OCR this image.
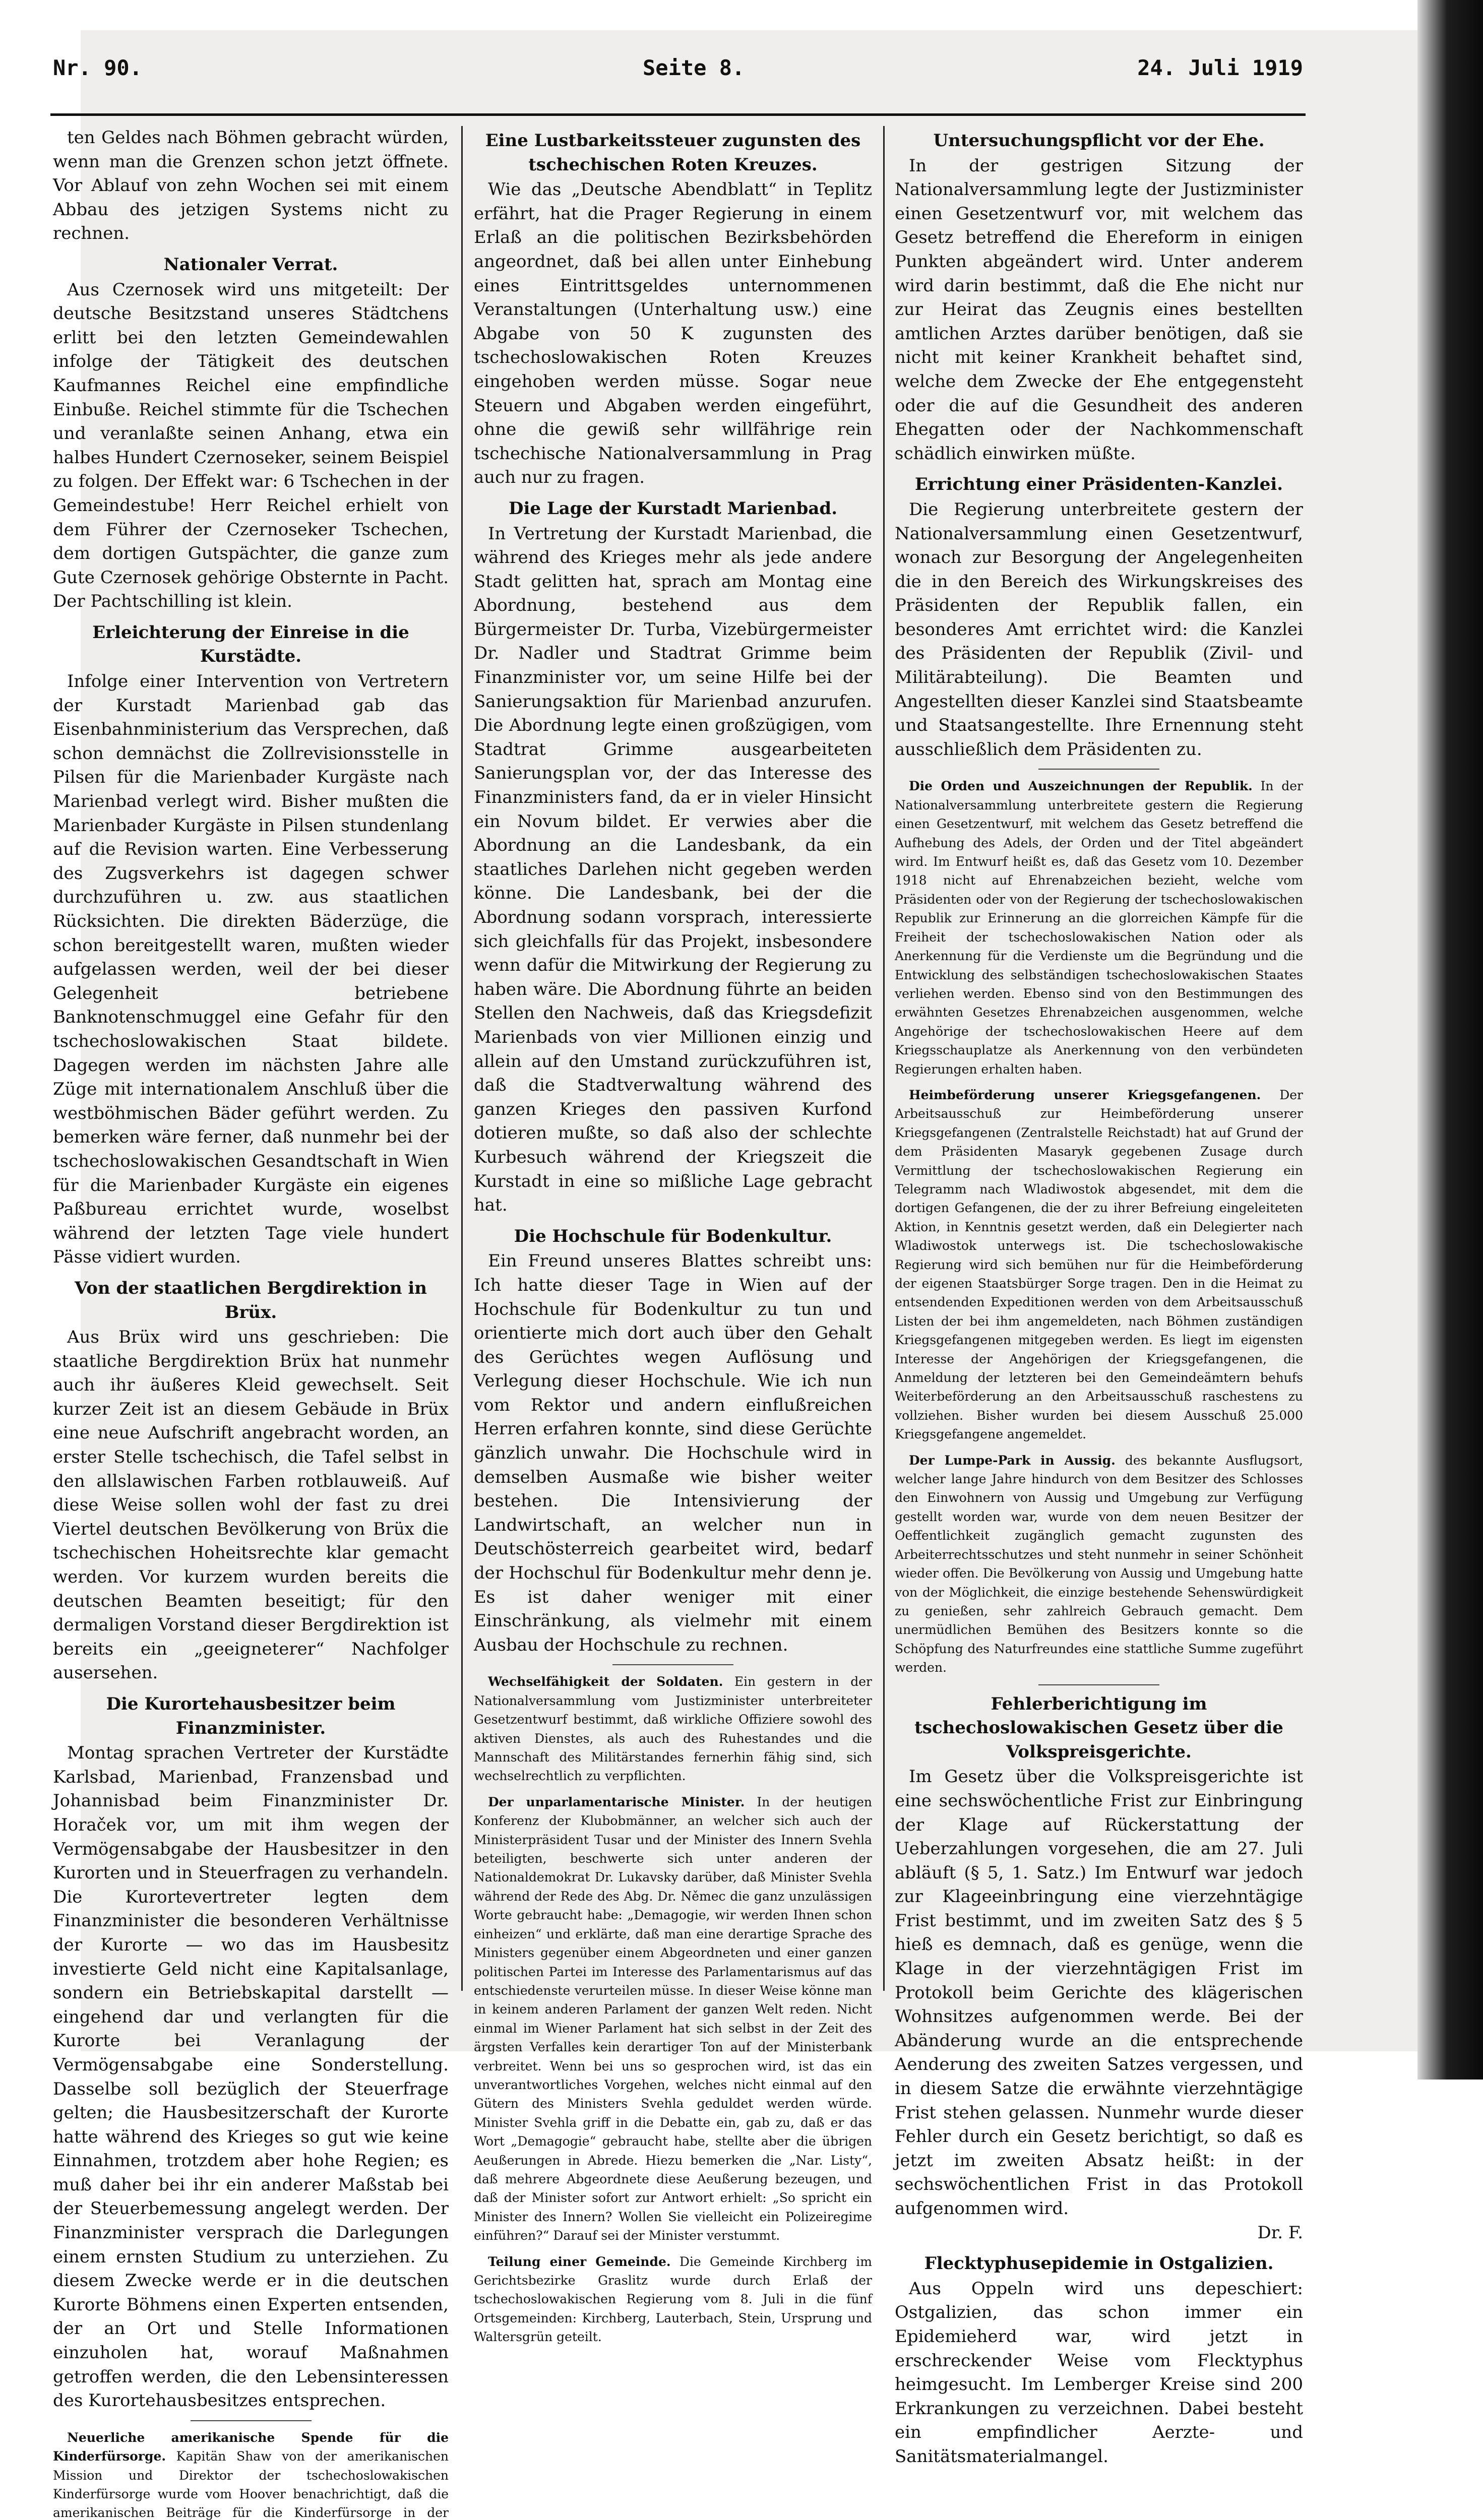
Nr. 90.	Seite 8.	24. Juli 1919

ten Geldes nach Böhmen gebracht würden, wenn man die Grenzen schon jetzt öffnete. Vor Ablauf von zehn Wochen sei mit einem Abbau des jetzigen Systems nicht zu rechnen.

Nationaler Verrat.

Aus Czernosek wird uns mitgeteilt: Der deutsche Besitzstand unseres Städtchens erlitt bei den letzten Gemeindewahlen infolge der Tätigkeit des deutschen Kaufmannes Reichel eine empfindliche Einbuße. Reichel stimmte für die Tschechen und veranlaßte seinen Anhang, etwa ein halbes Hundert Czernoseker, seinem Beispiel zu folgen. Der Effekt war: 6 Tschechen in der Gemeindestube! Herr Reichel erhielt von dem Führer der Czernoseker Tschechen, dem dortigen Gutspächter, die ganze zum Gute Czernosek gehörige Obsternte in Pacht. Der Pachtschilling ist klein.

Erleichterung der Einreise in die Kurstädte.

Infolge einer Intervention von Vertretern der Kurstadt Marienbad gab das Eisenbahnministerium das Versprechen, daß schon demnächst die Zollrevisionsstelle in Pilsen für die Marienbader Kurgäste nach Marienbad verlegt wird. Bisher mußten die Marienbader Kurgäste in Pilsen stundenlang auf die Revision warten. Eine Verbesserung des Zugsverkehrs ist dagegen schwer durchzuführen u. zw. aus staatlichen Rücksichten. Die direkten Bäderzüge, die schon bereitgestellt waren, mußten wieder aufgelassen werden, weil der bei dieser Gelegenheit betriebene Banknotenschmuggel eine Gefahr für den tschechoslowakischen Staat bildete. Dagegen werden im nächsten Jahre alle Züge mit internationalem Anschluß über die westböhmischen Bäder geführt werden. Zu bemerken wäre ferner, daß nunmehr bei der tschechoslowakischen Gesandtschaft in Wien für die Marienbader Kurgäste ein eigenes Paßbureau errichtet wurde, woselbst während der letzten Tage viele hundert Pässe vidiert wurden.

Von der staatlichen Bergdirektion in Brüx.

Aus Brüx wird uns geschrieben: Die staatliche Bergdirektion Brüx hat nunmehr auch ihr äußeres Kleid gewechselt. Seit kurzer Zeit ist an diesem Gebäude in Brüx eine neue Aufschrift angebracht worden, an erster Stelle tschechisch, die Tafel selbst in den allslawischen Farben rotblauweiß. Auf diese Weise sollen wohl der fast zu drei Viertel deutschen Bevölkerung von Brüx die tschechischen Hoheitsrechte klar gemacht werden. Vor kurzem wurden bereits die deutschen Beamten beseitigt; für den dermaligen Vorstand dieser Bergdirektion ist bereits ein „geeigneterer“ Nachfolger ausersehen.

Die Kurortehausbesitzer beim Finanzminister.

Montag sprachen Vertreter der Kurstädte Karlsbad, Marienbad, Franzensbad und Johannisbad beim Finanzminister Dr. Horaček vor, um mit ihm wegen der Vermögensabgabe der Hausbesitzer in den Kurorten und in Steuerfragen zu verhandeln. Die Kurortevertreter legten dem Finanzminister die besonderen Verhältnisse der Kurorte — wo das im Hausbesitz investierte Geld nicht eine Kapitalsanlage, sondern ein Betriebskapital darstellt — eingehend dar und verlangten für die Kurorte bei Veranlagung der Vermögensabgabe eine Sonderstellung. Dasselbe soll bezüglich der Steuerfrage gelten; die Hausbesitzerschaft der Kurorte hatte während des Krieges so gut wie keine Einnahmen, trotzdem aber hohe Regien; es muß daher bei ihr ein anderer Maßstab bei der Steuerbemessung angelegt werden. Der Finanzminister versprach die Darlegungen einem ernsten Studium zu unterziehen. Zu diesem Zwecke werde er in die deutschen Kurorte Böhmens einen Experten entsenden, der an Ort und Stelle Informationen einzuholen hat, worauf Maßnahmen getroffen werden, die den Lebensinteressen des Kurortehausbesitzes entsprechen.

Neuerliche amerikanische Spende für die Kinderfürsorge. Kapitän Shaw von der amerikanischen Mission und Direktor der tschechoslowakischen Kinderfürsorge wurde vom Hoover benachrichtigt, daß die amerikanischen Beiträge für die Kinderfürsorge in der

Eine Lustbarkeitssteuer zugunsten des tschechischen Roten Kreuzes.

Wie das „Deutsche Abendblatt“ in Teplitz erfährt, hat die Prager Regierung in einem Erlaß an die politischen Bezirksbehörden angeordnet, daß bei allen unter Einhebung eines Eintrittsgeldes unternommenen Veranstaltungen (Unterhaltung usw.) eine Abgabe von 50 K zugunsten des tschechoslowakischen Roten Kreuzes eingehoben werden müsse. Sogar neue Steuern und Abgaben werden eingeführt, ohne die gewiß sehr willfährige rein tschechische Nationalversammlung in Prag auch nur zu fragen.

Die Lage der Kurstadt Marienbad.

In Vertretung der Kurstadt Marienbad, die während des Krieges mehr als jede andere Stadt gelitten hat, sprach am Montag eine Abordnung, bestehend aus dem Bürgermeister Dr. Turba, Vizebürgermeister Dr. Nadler und Stadtrat Grimme beim Finanzminister vor, um seine Hilfe bei der Sanierungsaktion für Marienbad anzurufen. Die Abordnung legte einen großzügigen, vom Stadtrat Grimme ausgearbeiteten Sanierungsplan vor, der das Interesse des Finanzministers fand, da er in vieler Hinsicht ein Novum bildet. Er verwies aber die Abordnung an die Landesbank, da ein staatliches Darlehen nicht gegeben werden könne. Die Landesbank, bei der die Abordnung sodann vorsprach, interessierte sich gleichfalls für das Projekt, insbesondere wenn dafür die Mitwirkung der Regierung zu haben wäre. Die Abordnung führte an beiden Stellen den Nachweis, daß das Kriegsdefizit Marienbads von vier Millionen einzig und allein auf den Umstand zurückzuführen ist, daß die Stadtverwaltung während des ganzen Krieges den passiven Kurfond dotieren mußte, so daß also der schlechte Kurbesuch während der Kriegszeit die Kurstadt in eine so mißliche Lage gebracht hat.

Die Hochschule für Bodenkultur.

Ein Freund unseres Blattes schreibt uns: Ich hatte dieser Tage in Wien auf der Hochschule für Bodenkultur zu tun und orientierte mich dort auch über den Gehalt des Gerüchtes wegen Auflösung und Verlegung dieser Hochschule. Wie ich nun vom Rektor und andern einflußreichen Herren erfahren konnte, sind diese Gerüchte gänzlich unwahr. Die Hochschule wird in demselben Ausmaße wie bisher weiter bestehen. Die Intensivierung der Landwirtschaft, an welcher nun in Deutschösterreich gearbeitet wird, bedarf der Hochschul für Bodenkultur mehr denn je. Es ist daher weniger mit einer Einschränkung, als vielmehr mit einem Ausbau der Hochschule zu rechnen.

Wechselfähigkeit der Soldaten. Ein gestern in der Nationalversammlung vom Justizminister unterbreiteter Gesetzentwurf bestimmt, daß wirkliche Offiziere sowohl des aktiven Dienstes, als auch des Ruhestandes und die Mannschaft des Militärstandes fernerhin fähig sind, sich wechselrechtlich zu verpflichten.

Der unparlamentarische Minister. In der heutigen Konferenz der Klubobmänner, an welcher sich auch der Ministerpräsident Tusar und der Minister des Innern Svehla beteiligten, beschwerte sich unter anderen der Nationaldemokrat Dr. Lukavsky darüber, daß Minister Svehla während der Rede des Abg. Dr. Němec die ganz unzulässigen Worte gebraucht habe: „Demagogie, wir werden Ihnen schon einheizen“ und erklärte, daß man eine derartige Sprache des Ministers gegenüber einem Abgeordneten und einer ganzen politischen Partei im Interesse des Parlamentarismus auf das entschiedenste verurteilen müsse. In dieser Weise könne man in keinem anderen Parlament der ganzen Welt reden. Nicht einmal im Wiener Parlament hat sich selbst in der Zeit des ärgsten Verfalles kein derartiger Ton auf der Ministerbank verbreitet. Wenn bei uns so gesprochen wird, ist das ein unverantwortliches Vorgehen, welches nicht einmal auf den Gütern des Ministers Svehla geduldet werden würde. Minister Svehla griff in die Debatte ein, gab zu, daß er das Wort „Demagogie“ gebraucht habe, stellte aber die übrigen Aeußerungen in Abrede. Hiezu bemerken die „Nar. Listy“, daß mehrere Abgeordnete diese Aeußerung bezeugen, und daß der Minister sofort zur Antwort erhielt: „So spricht ein Minister des Innern? Wollen Sie vielleicht ein Polizeiregime einführen?“ Darauf sei der Minister verstummt.

Teilung einer Gemeinde. Die Gemeinde Kirchberg im Gerichtsbezirke Graslitz wurde durch Erlaß der tschechoslowakischen Regierung vom 8. Juli in die fünf Ortsgemeinden: Kirchberg, Lauterbach, Stein, Ursprung und Waltersgrün geteilt.

Untersuchungspflicht vor der Ehe.

In der gestrigen Sitzung der Nationalversammlung legte der Justizminister einen Gesetzentwurf vor, mit welchem das Gesetz betreffend die Ehereform in einigen Punkten abgeändert wird. Unter anderem wird darin bestimmt, daß die Ehe nicht nur zur Heirat das Zeugnis eines bestellten amtlichen Arztes darüber benötigen, daß sie nicht mit keiner Krankheit behaftet sind, welche dem Zwecke der Ehe entgegensteht oder die auf die Gesundheit des anderen Ehegatten oder der Nachkommenschaft schädlich einwirken müßte.

Errichtung einer Präsidenten-Kanzlei.

Die Regierung unterbreitete gestern der Nationalversammlung einen Gesetzentwurf, wonach zur Besorgung der Angelegenheiten die in den Bereich des Wirkungskreises des Präsidenten der Republik fallen, ein besonderes Amt errichtet wird: die Kanzlei des Präsidenten der Republik (Zivil- und Militärabteilung). Die Beamten und Angestellten dieser Kanzlei sind Staatsbeamte und Staatsangestellte. Ihre Ernennung steht ausschließlich dem Präsidenten zu.

Die Orden und Auszeichnungen der Republik. In der Nationalversammlung unterbreitete gestern die Regierung einen Gesetzentwurf, mit welchem das Gesetz betreffend die Aufhebung des Adels, der Orden und der Titel abgeändert wird. Im Entwurf heißt es, daß das Gesetz vom 10. Dezember 1918 nicht auf Ehrenabzeichen bezieht, welche vom Präsidenten oder von der Regierung der tschechoslowakischen Republik zur Erinnerung an die glorreichen Kämpfe für die Freiheit der tschechoslowakischen Nation oder als Anerkennung für die Verdienste um die Begründung und die Entwicklung des selbständigen tschechoslowakischen Staates verliehen werden. Ebenso sind von den Bestimmungen des erwähnten Gesetzes Ehrenabzeichen ausgenommen, welche Angehörige der tschechoslowakischen Heere auf dem Kriegsschauplatze als Anerkennung von den verbündeten Regierungen erhalten haben.

Heimbeförderung unserer Kriegsgefangenen. Der Arbeitsausschuß zur Heimbeförderung unserer Kriegsgefangenen (Zentralstelle Reichstadt) hat auf Grund der dem Präsidenten Masaryk gegebenen Zusage durch Vermittlung der tschechoslowakischen Regierung ein Telegramm nach Wladiwostok abgesendet, mit dem die dortigen Gefangenen, die der zu ihrer Befreiung eingeleiteten Aktion, in Kenntnis gesetzt werden, daß ein Delegierter nach Wladiwostok unterwegs ist. Die tschechoslowakische Regierung wird sich bemühen nur für die Heimbeförderung der eigenen Staatsbürger Sorge tragen. Den in die Heimat zu entsendenden Expeditionen werden von dem Arbeitsausschuß Listen der bei ihm angemeldeten, nach Böhmen zuständigen Kriegsgefangenen mitgegeben werden. Es liegt im eigensten Interesse der Angehörigen der Kriegsgefangenen, die Anmeldung der letzteren bei den Gemeindeämtern behufs Weiterbeförderung an den Arbeitsausschuß raschestens zu vollziehen. Bisher wurden bei diesem Ausschuß 25.000 Kriegsgefangene angemeldet.

Der Lumpe-Park in Aussig. des bekannte Ausflugsort, welcher lange Jahre hindurch von dem Besitzer des Schlosses den Einwohnern von Aussig und Umgebung zur Verfügung gestellt worden war, wurde von dem neuen Besitzer der Oeffentlichkeit zugänglich gemacht zugunsten des Arbeiterrechtsschutzes und steht nunmehr in seiner Schönheit wieder offen. Die Bevölkerung von Aussig und Umgebung hatte von der Möglichkeit, die einzige bestehende Sehenswürdigkeit zu genießen, sehr zahlreich Gebrauch gemacht. Dem unermüdlichen Bemühen des Besitzers konnte so die Schöpfung des Naturfreundes eine stattliche Summe zugeführt werden.

Fehlerberichtigung im tschechoslowakischen Gesetz über die Volkspreisgerichte.

Im Gesetz über die Volkspreisgerichte ist eine sechswöchentliche Frist zur Einbringung der Klage auf Rückerstattung der Ueberzahlungen vorgesehen, die am 27. Juli abläuft (§ 5, 1. Satz.) Im Entwurf war jedoch zur Klageeinbringung eine vierzehntägige Frist bestimmt, und im zweiten Satz des § 5 hieß es demnach, daß es genüge, wenn die Klage in der vierzehntägigen Frist im Protokoll beim Gerichte des klägerischen Wohnsitzes aufgenommen werde. Bei der Abänderung wurde an die entsprechende Aenderung des zweiten Satzes vergessen, und in diesem Satze die erwähnte vierzehntägige Frist stehen gelassen. Nunmehr wurde dieser Fehler durch ein Gesetz berichtigt, so daß es jetzt im zweiten Absatz heißt: in der sechswöchentlichen Frist in das Protokoll aufgenommen wird.

Dr. F.

Flecktyphusepidemie in Ostgalizien.

Aus Oppeln wird uns depeschiert: Ostgalizien, das schon immer ein Epidemieherd war, wird jetzt in erschreckender Weise vom Flecktyphus heimgesucht. Im Lemberger Kreise sind 200 Erkrankungen zu verzeichnen. Dabei besteht ein empfindlicher Aerzte- und Sanitätsmaterialmangel.
